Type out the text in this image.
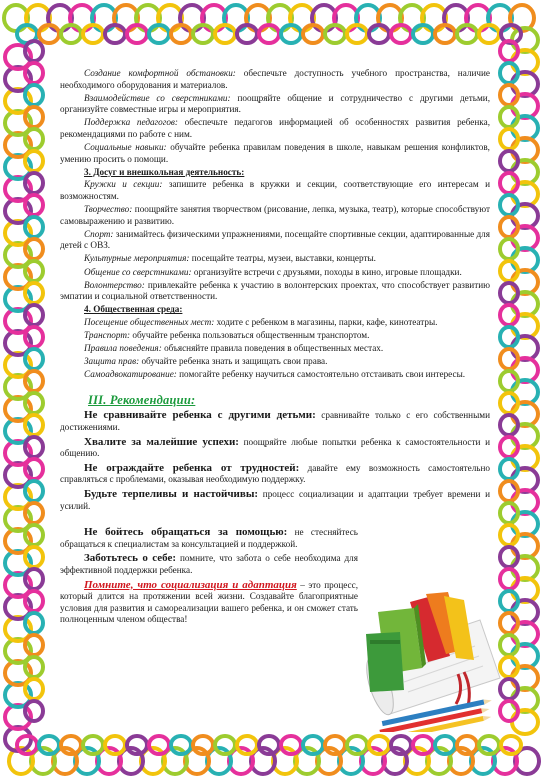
Создание комфортной обстановки: обеспечьте доступность учебного пространства, наличие необходимого оборудования и материалов.

Взаимодействие со сверстниками: поощряйте общение и сотрудничество с другими детьми, организуйте совместные игры и мероприятия.

Поддержка педагогов: обеспечьте педагогов информацией об особенностях развития ребенка, рекомендациями по работе с ним.

Социальные навыки: обучайте ребенка правилам поведения в школе, навыкам решения конфликтов, умению просить о помощи.

3. Досуг и внешкольная деятельность:

Кружки и секции: запишите ребенка в кружки и секции, соответствующие его интересам и возможностям.

Творчество: поощряйте занятия творчеством (рисование, лепка, музыка, театр), которые способствуют самовыражению и развитию.

Спорт: занимайтесь физическими упражнениями, посещайте спортивные секции, адаптированные для детей с ОВЗ.

Культурные мероприятия: посещайте театры, музеи, выставки, концерты.

Общение со сверстниками: организуйте встречи с друзьями, походы в кино, игровые площадки.

Волонтерство: привлекайте ребенка к участию в волонтерских проектах, что способствует развитию эмпатии и социальной ответственности.

4. Общественная среда:

Посещение общественных мест: ходите с ребенком в магазины, парки, кафе, кинотеатры.

Транспорт: обучайте ребенка пользоваться общественным транспортом.

Правила поведения: объясняйте правила поведения в общественных местах.

Защита прав: обучайте ребенка знать и защищать свои права.

Самоадвокатирование: помогайте ребенку научиться самостоятельно отстаивать свои интересы.

III. Рекомендации:

Не сравнивайте ребенка с другими детьми: сравнивайте только с его собственными достижениями.

Хвалите за малейшие успехи: поощряйте любые попытки ребенка к самостоятельности и общению.

Не ограждайте ребенка от трудностей: давайте ему возможность самостоятельно справляться с проблемами, оказывая необходимую поддержку.

Будьте терпеливы и настойчивы: процесс социализации и адаптации требует времени и усилий.

Не бойтесь обращаться за помощью: не стесняйтесь обращаться к специалистам за консультацией и поддержкой.

Заботьтесь о себе: помните, что забота о себе необходима для эффективной поддержки ребенка.

Помните, что социализация и адаптация – это процесс, который длится на протяжении всей жизни. Создавайте благоприятные условия для развития и самореализации вашего ребенка, и он сможет стать полноценным членом общества!
